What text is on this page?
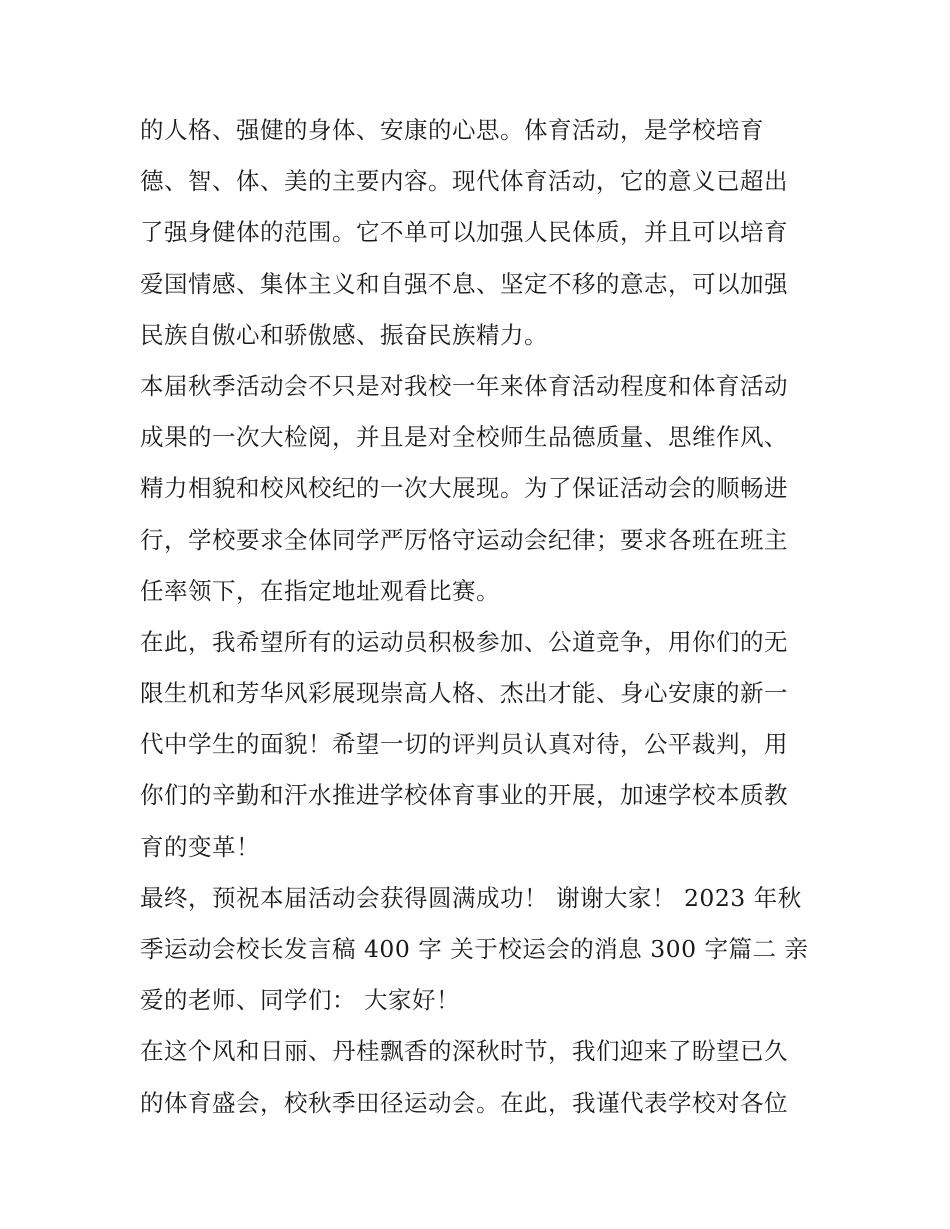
的人格、强健的身体、安康的心思。体育活动，是学校培育
德、智、体、美的主要内容。现代体育活动，它的意义已超出
了强身健体的范围。它不单可以加强人民体质，并且可以培育
爱国情感、集体主义和自强不息、坚定不移的意志，可以加强
民族自傲心和骄傲感、振奋民族精力。
本届秋季活动会不只是对我校一年来体育活动程度和体育活动
成果的一次大检阅，并且是对全校师生品德质量、思维作风、
精力相貌和校风校纪的一次大展现。为了保证活动会的顺畅进
行，学校要求全体同学严厉恪守运动会纪律；要求各班在班主
任率领下，在指定地址观看比赛。
在此，我希望所有的运动员积极参加、公道竞争，用你们的无
限生机和芳华风彩展现崇高人格、杰出才能、身心安康的新一
代中学生的面貌！希望一切的评判员认真对待，公平裁判，用
你们的辛勤和汗水推进学校体育事业的开展，加速学校本质教
育的变革！
最终，预祝本届活动会获得圆满成功！ 谢谢大家！ 2023 年秋
季运动会校长发言稿 400 字 关于校运会的消息 300 字篇二 亲
爱的老师、同学们： 大家好！
在这个风和日丽、丹桂飘香的深秋时节，我们迎来了盼望已久
的体育盛会，校秋季田径运动会。在此，我谨代表学校对各位
